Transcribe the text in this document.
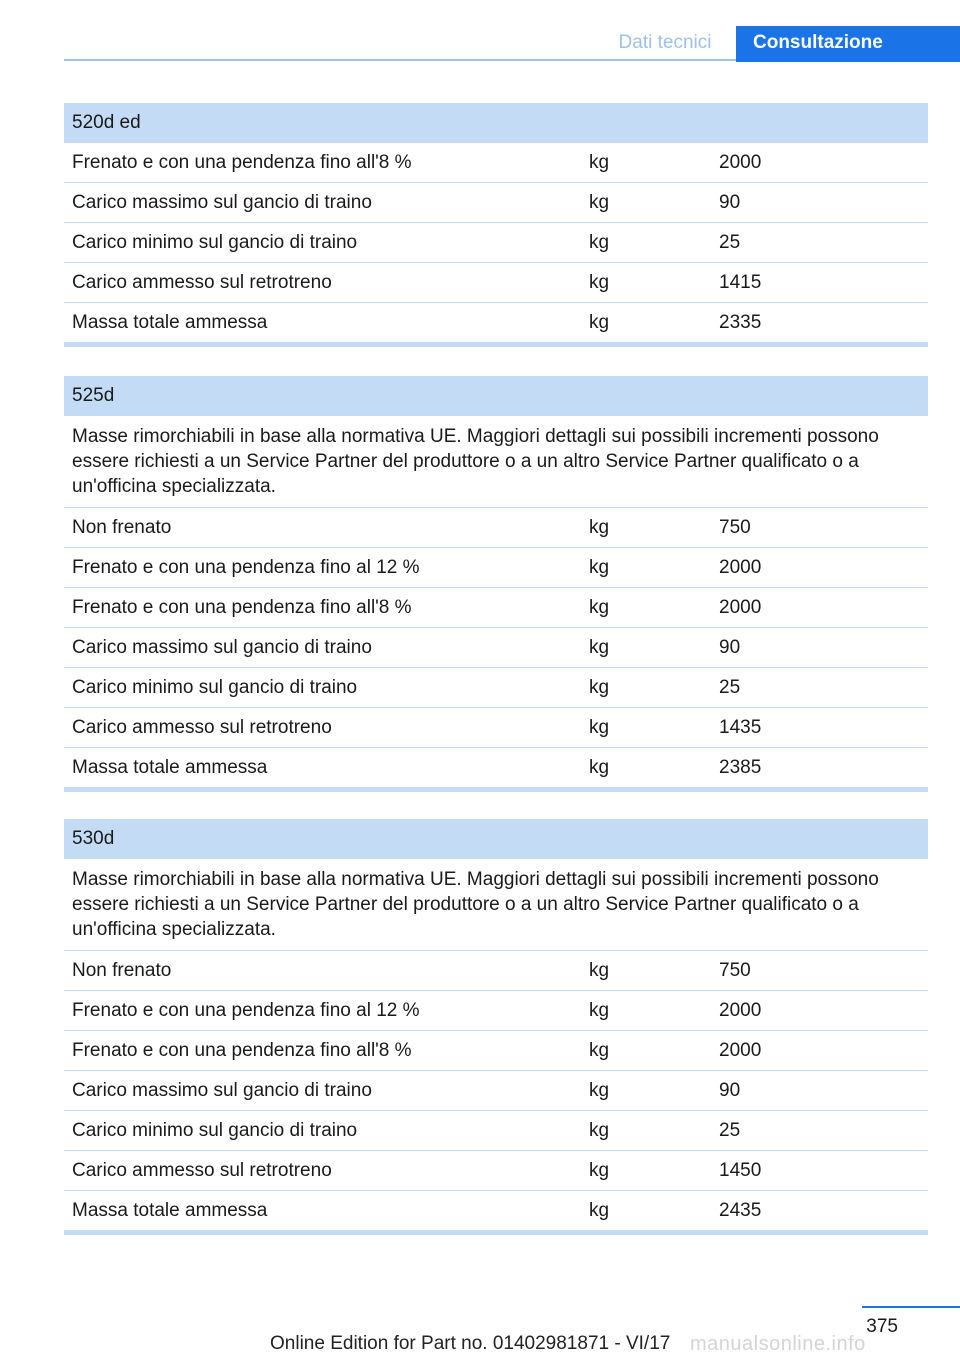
Dati tecnici	Consultazione
520d ed
Frenato e con una pendenza fino all'8 %	kg	2000
Carico massimo sul gancio di traino	kg	90
Carico minimo sul gancio di traino	kg	25
Carico ammesso sul retrotreno	kg	1415
Massa totale ammessa	kg	2335
525d
Masse rimorchiabili in base alla normativa UE. Maggiori dettagli sui possibili incrementi possono essere richiesti a un Service Partner del produttore o a un altro Service Partner qualificato o a un'officina specializzata.
Non frenato	kg	750
Frenato e con una pendenza fino al 12 %	kg	2000
Frenato e con una pendenza fino all'8 %	kg	2000
Carico massimo sul gancio di traino	kg	90
Carico minimo sul gancio di traino	kg	25
Carico ammesso sul retrotreno	kg	1435
Massa totale ammessa	kg	2385
530d
Masse rimorchiabili in base alla normativa UE. Maggiori dettagli sui possibili incrementi possono essere richiesti a un Service Partner del produttore o a un altro Service Partner qualificato o a un'officina specializzata.
Non frenato	kg	750
Frenato e con una pendenza fino al 12 %	kg	2000
Frenato e con una pendenza fino all'8 %	kg	2000
Carico massimo sul gancio di traino	kg	90
Carico minimo sul gancio di traino	kg	25
Carico ammesso sul retrotreno	kg	1450
Massa totale ammessa	kg	2435
375
Online Edition for Part no. 01402981871 - VI/17 manualsonline.info
